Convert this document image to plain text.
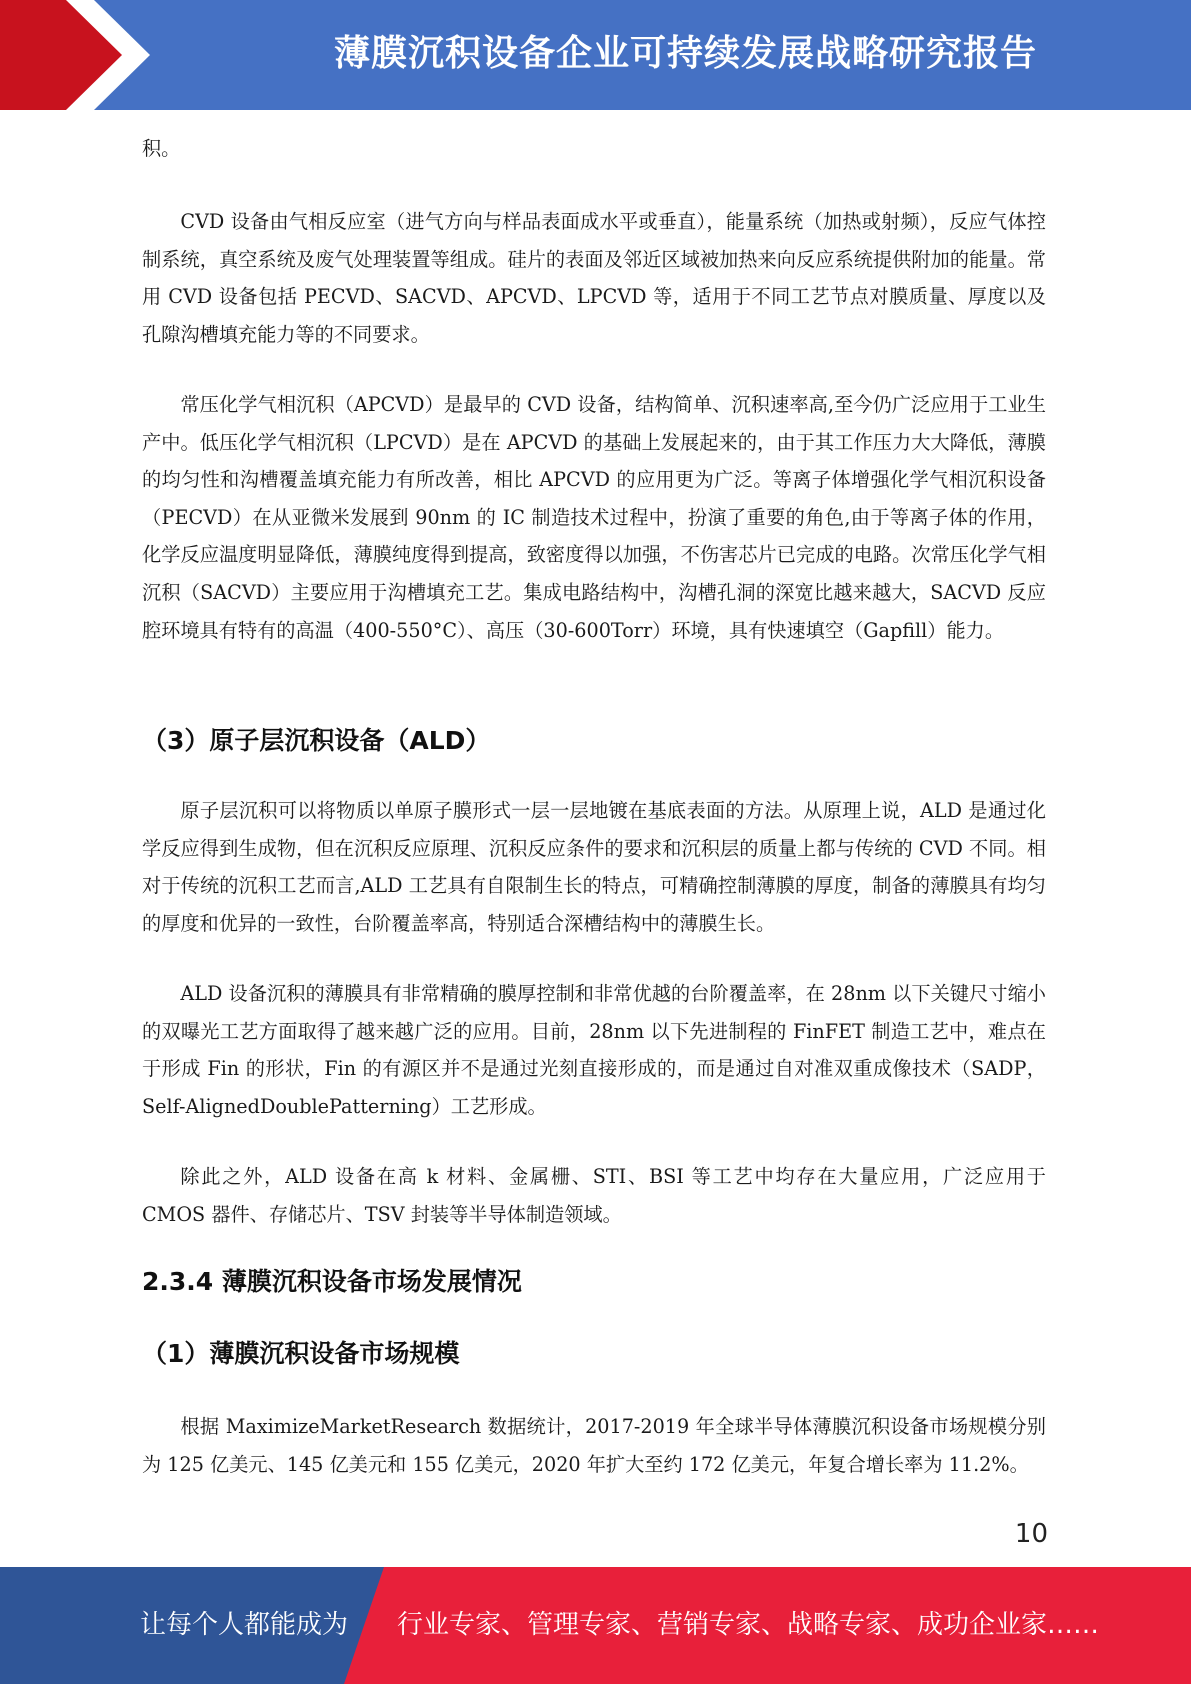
薄膜沉积设备企业可持续发展战略研究报告

积。

CVD 设备由气相反应室（进气方向与样品表面成水平或垂直），能量系统（加热或射频），反应气体控制系统，真空系统及废气处理装置等组成。硅片的表面及邻近区域被加热来向反应系统提供附加的能量。常用 CVD 设备包括 PECVD、SACVD、APCVD、LPCVD 等，适用于不同工艺节点对膜质量、厚度以及孔隙沟槽填充能力等的不同要求。

常压化学气相沉积（APCVD）是最早的 CVD 设备，结构简单、沉积速率高,至今仍广泛应用于工业生产中。低压化学气相沉积（LPCVD）是在 APCVD 的基础上发展起来的，由于其工作压力大大降低，薄膜的均匀性和沟槽覆盖填充能力有所改善，相比 APCVD 的应用更为广泛。等离子体增强化学气相沉积设备（PECVD）在从亚微米发展到 90nm 的 IC 制造技术过程中，扮演了重要的角色,由于等离子体的作用，化学反应温度明显降低，薄膜纯度得到提高，致密度得以加强，不伤害芯片已完成的电路。次常压化学气相沉积（SACVD）主要应用于沟槽填充工艺。集成电路结构中，沟槽孔洞的深宽比越来越大，SACVD 反应腔环境具有特有的高温（400-550°C）、高压（30-600Torr）环境，具有快速填空（Gapfill）能力。

（3）原子层沉积设备（ALD）

原子层沉积可以将物质以单原子膜形式一层一层地镀在基底表面的方法。从原理上说，ALD 是通过化学反应得到生成物，但在沉积反应原理、沉积反应条件的要求和沉积层的质量上都与传统的 CVD 不同。相对于传统的沉积工艺而言,ALD 工艺具有自限制生长的特点，可精确控制薄膜的厚度，制备的薄膜具有均匀的厚度和优异的一致性，台阶覆盖率高，特别适合深槽结构中的薄膜生长。

ALD 设备沉积的薄膜具有非常精确的膜厚控制和非常优越的台阶覆盖率，在 28nm 以下关键尺寸缩小的双曝光工艺方面取得了越来越广泛的应用。目前，28nm 以下先进制程的 FinFET 制造工艺中，难点在于形成 Fin 的形状，Fin 的有源区并不是通过光刻直接形成的，而是通过自对准双重成像技术（SADP，Self-AlignedDoublePatterning）工艺形成。

除此之外，ALD 设备在高 k 材料、金属栅、STI、BSI 等工艺中均存在大量应用，广泛应用于 CMOS 器件、存储芯片、TSV 封装等半导体制造领域。

2.3.4 薄膜沉积设备市场发展情况
（1）薄膜沉积设备市场规模

根据 MaximizeMarketResearch 数据统计，2017-2019 年全球半导体薄膜沉积设备市场规模分别为 125 亿美元、145 亿美元和 155 亿美元，2020 年扩大至约 172 亿美元，年复合增长率为 11.2%。

10
让每个人都能成为 行业专家、管理专家、营销专家、战略专家、成功企业家……
